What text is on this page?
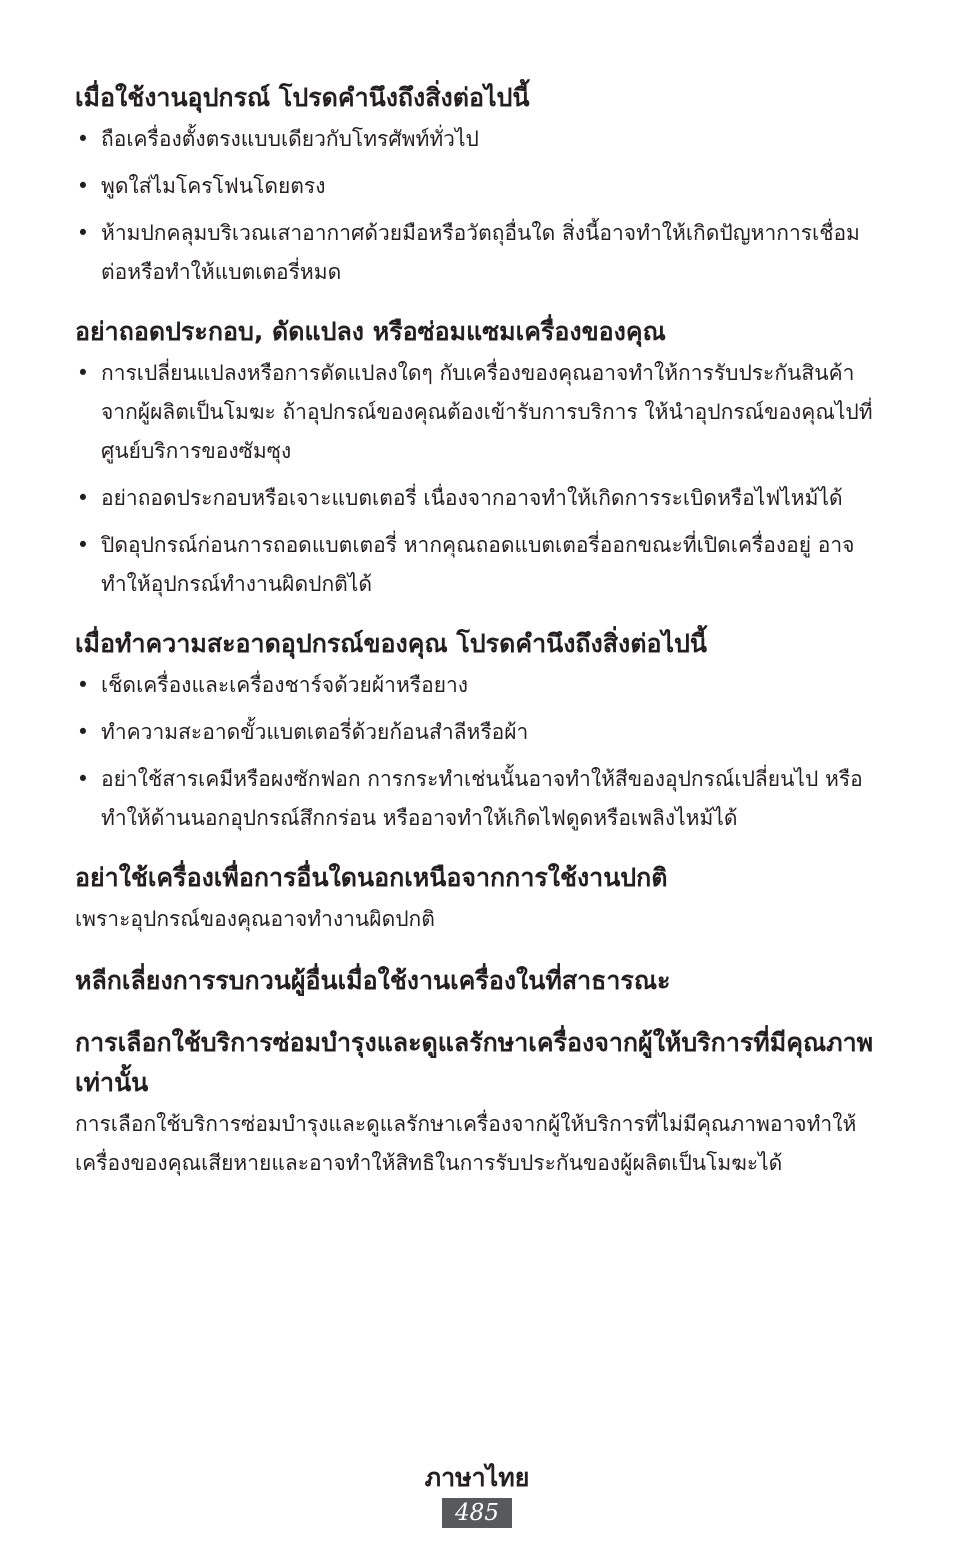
เมื่อใช้งานอุปกรณ์ โปรดคำนึงถึงสิ่งต่อไปนี้
• ถือเครื่องตั้งตรงแบบเดียวกับโทรศัพท์ทั่วไป
• พูดใส่ไมโครโฟนโดยตรง
• ห้ามปกคลุมบริเวณเสาอากาศด้วยมือหรือวัตถุอื่นใด สิ่งนี้อาจทำให้เกิดปัญหาการเชื่อมต่อหรือทำให้แบตเตอรี่หมด
อย่าถอดประกอบ, ดัดแปลง หรือซ่อมแซมเครื่องของคุณ
• การเปลี่ยนแปลงหรือการดัดแปลงใดๆ กับเครื่องของคุณอาจทำให้การรับประกันสินค้าจากผู้ผลิตเป็นโมฆะ ถ้าอุปกรณ์ของคุณต้องเข้ารับการบริการ ให้นำอุปกรณ์ของคุณไปที่ศูนย์บริการของซัมซุง
• อย่าถอดประกอบหรือเจาะแบตเตอรี่ เนื่องจากอาจทำให้เกิดการระเบิดหรือไฟไหม้ได้
• ปิดอุปกรณ์ก่อนการถอดแบตเตอรี่ หากคุณถอดแบตเตอรี่ออกขณะที่เปิดเครื่องอยู่ อาจทำให้อุปกรณ์ทำงานผิดปกติได้
เมื่อทำความสะอาดอุปกรณ์ของคุณ โปรดคำนึงถึงสิ่งต่อไปนี้
• เช็ดเครื่องและเครื่องชาร์จด้วยผ้าหรือยาง
• ทำความสะอาดขั้วแบตเตอรี่ด้วยก้อนสำลีหรือผ้า
• อย่าใช้สารเคมีหรือผงซักฟอก การกระทำเช่นนั้นอาจทำให้สีของอุปกรณ์เปลี่ยนไป หรือทำให้ด้านนอกอุปกรณ์สึกกร่อน หรืออาจทำให้เกิดไฟดูดหรือเพลิงไหม้ได้
อย่าใช้เครื่องเพื่อการอื่นใดนอกเหนือจากการใช้งานปกติ

เพราะอุปกรณ์ของคุณอาจทำงานผิดปกติ

หลีกเลี่ยงการรบกวนผู้อื่นเมื่อใช้งานเครื่องในที่สาธารณะ
การเลือกใช้บริการซ่อมบำรุงและดูแลรักษาเครื่องจากผู้ให้บริการที่มีคุณภาพเท่านั้น

การเลือกใช้บริการซ่อมบำรุงและดูแลรักษาเครื่องจากผู้ให้บริการที่ไม่มีคุณภาพอาจทำให้เครื่องของคุณเสียหายและอาจทำให้สิทธิในการรับประกันของผู้ผลิตเป็นโมฆะได้

ภาษาไทย
485
